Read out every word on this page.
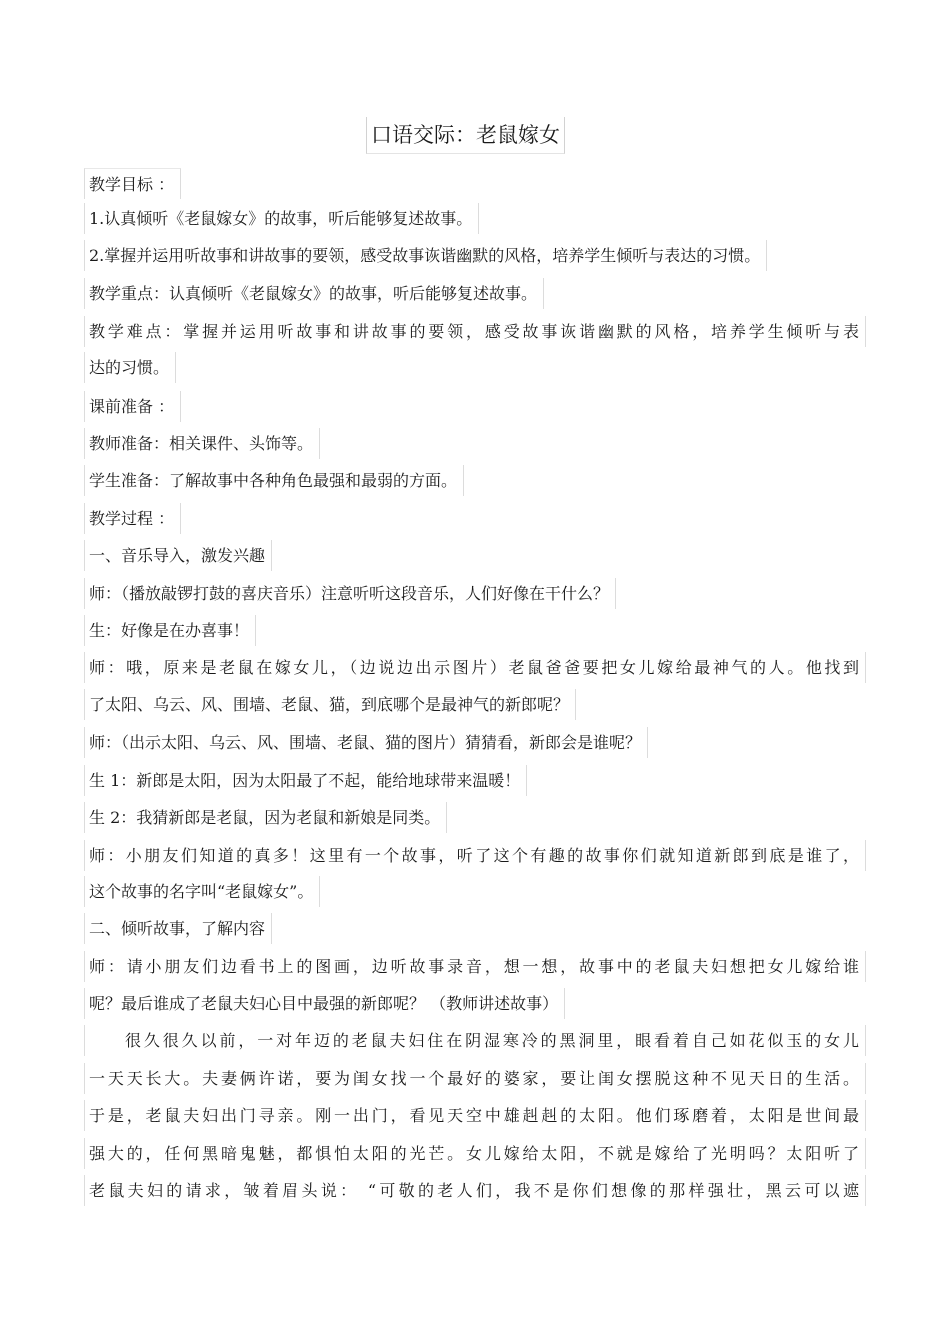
口语交际：老鼠嫁女
教学目标 ：
1.认真倾听《老鼠嫁女》的故事，听后能够复述故事。
2.掌握并运用听故事和讲故事的要领，感受故事诙谐幽默的风格，培养学生倾听与表达的习惯。
教学重点：认真倾听《老鼠嫁女》的故事，听后能够复述故事。
教学难点：掌握并运用听故事和讲故事的要领，感受故事诙谐幽默的风格，培养学生倾听与表
达的习惯。
课前准备 ：
教师准备：相关课件、头饰等。
学生准备：了解故事中各种角色最强和最弱的方面。
教学过程 ：
一、音乐导入，激发兴趣
师：（播放敲锣打鼓的喜庆音乐）注意听听这段音乐，人们好像在干什么？
生：好像是在办喜事！
师：哦，原来是老鼠在嫁女儿，（边说边出示图片）老鼠爸爸要把女儿嫁给最神气的人。他找到
了太阳、乌云、风、围墙、老鼠、猫，到底哪个是最神气的新郎呢？
师：（出示太阳、乌云、风、围墙、老鼠、猫的图片）猜猜看，新郎会是谁呢？
生 1：新郎是太阳，因为太阳最了不起，能给地球带来温暖！
生 2：我猜新郎是老鼠，因为老鼠和新娘是同类。
师：小朋友们知道的真多！这里有一个故事，听了这个有趣的故事你们就知道新郎到底是谁了，
这个故事的名字叫“老鼠嫁女”。
二、倾听故事，了解内容
师：请小朋友们边看书上的图画，边听故事录音，想一想，故事中的老鼠夫妇想把女儿嫁给谁
呢？最后谁成了老鼠夫妇心目中最强的新郎呢？ （教师讲述故事）
很久很久以前，一对年迈的老鼠夫妇住在阴湿寒冷的黑洞里，眼看着自己如花似玉的女儿
一天天长大。夫妻俩许诺，要为闺女找一个最好的婆家，要让闺女摆脱这种不见天日的生活。
于是，老鼠夫妇出门寻亲。刚一出门，看见天空中雄赳赳的太阳。他们琢磨着，太阳是世间最
强大的，任何黑暗鬼魅，都惧怕太阳的光芒。女儿嫁给太阳，不就是嫁给了光明吗？太阳听了
老鼠夫妇的请求，皱着眉头说： “可敬的老人们，我不是你们想像的那样强壮，黑云可以遮
